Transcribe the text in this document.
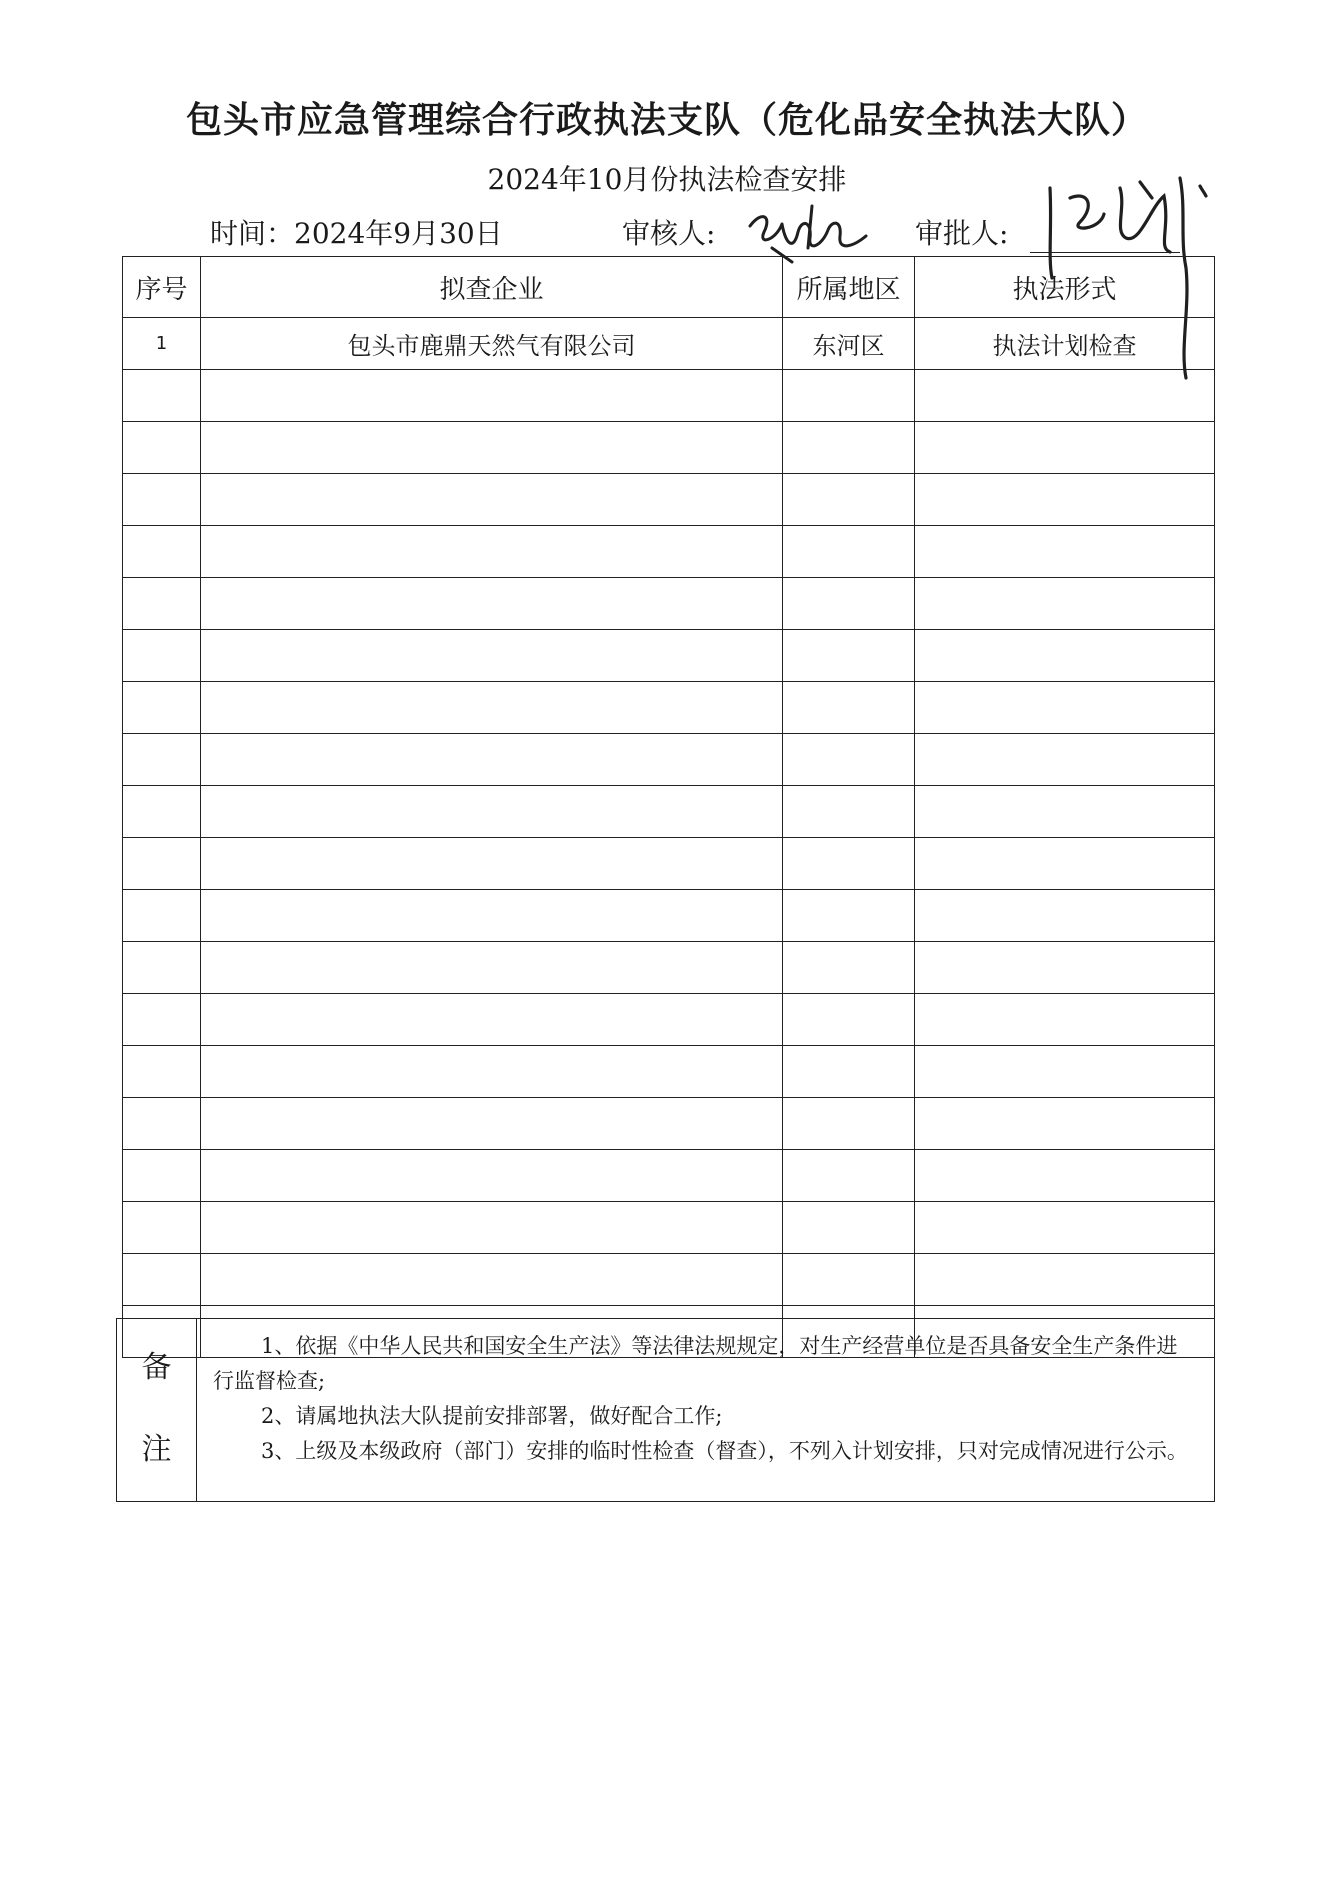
包头市应急管理综合行政执法支队（危化品安全执法大队）
2024年10月份执法检查安排
时间：2024年9月30日	审核人:	审批人:
序号	拟查企业	所属地区	执法形式
1	包头市鹿鼎天然气有限公司	东河区	执法计划检查

备
注

1、依据《中华人民共和国安全生产法》等法律法规规定，对生产经营单位是否具备安全生产条件进行监督检查;
2、请属地执法大队提前安排部署，做好配合工作;
3、上级及本级政府（部门）安排的临时性检查（督查），不列入计划安排，只对完成情况进行公示。
